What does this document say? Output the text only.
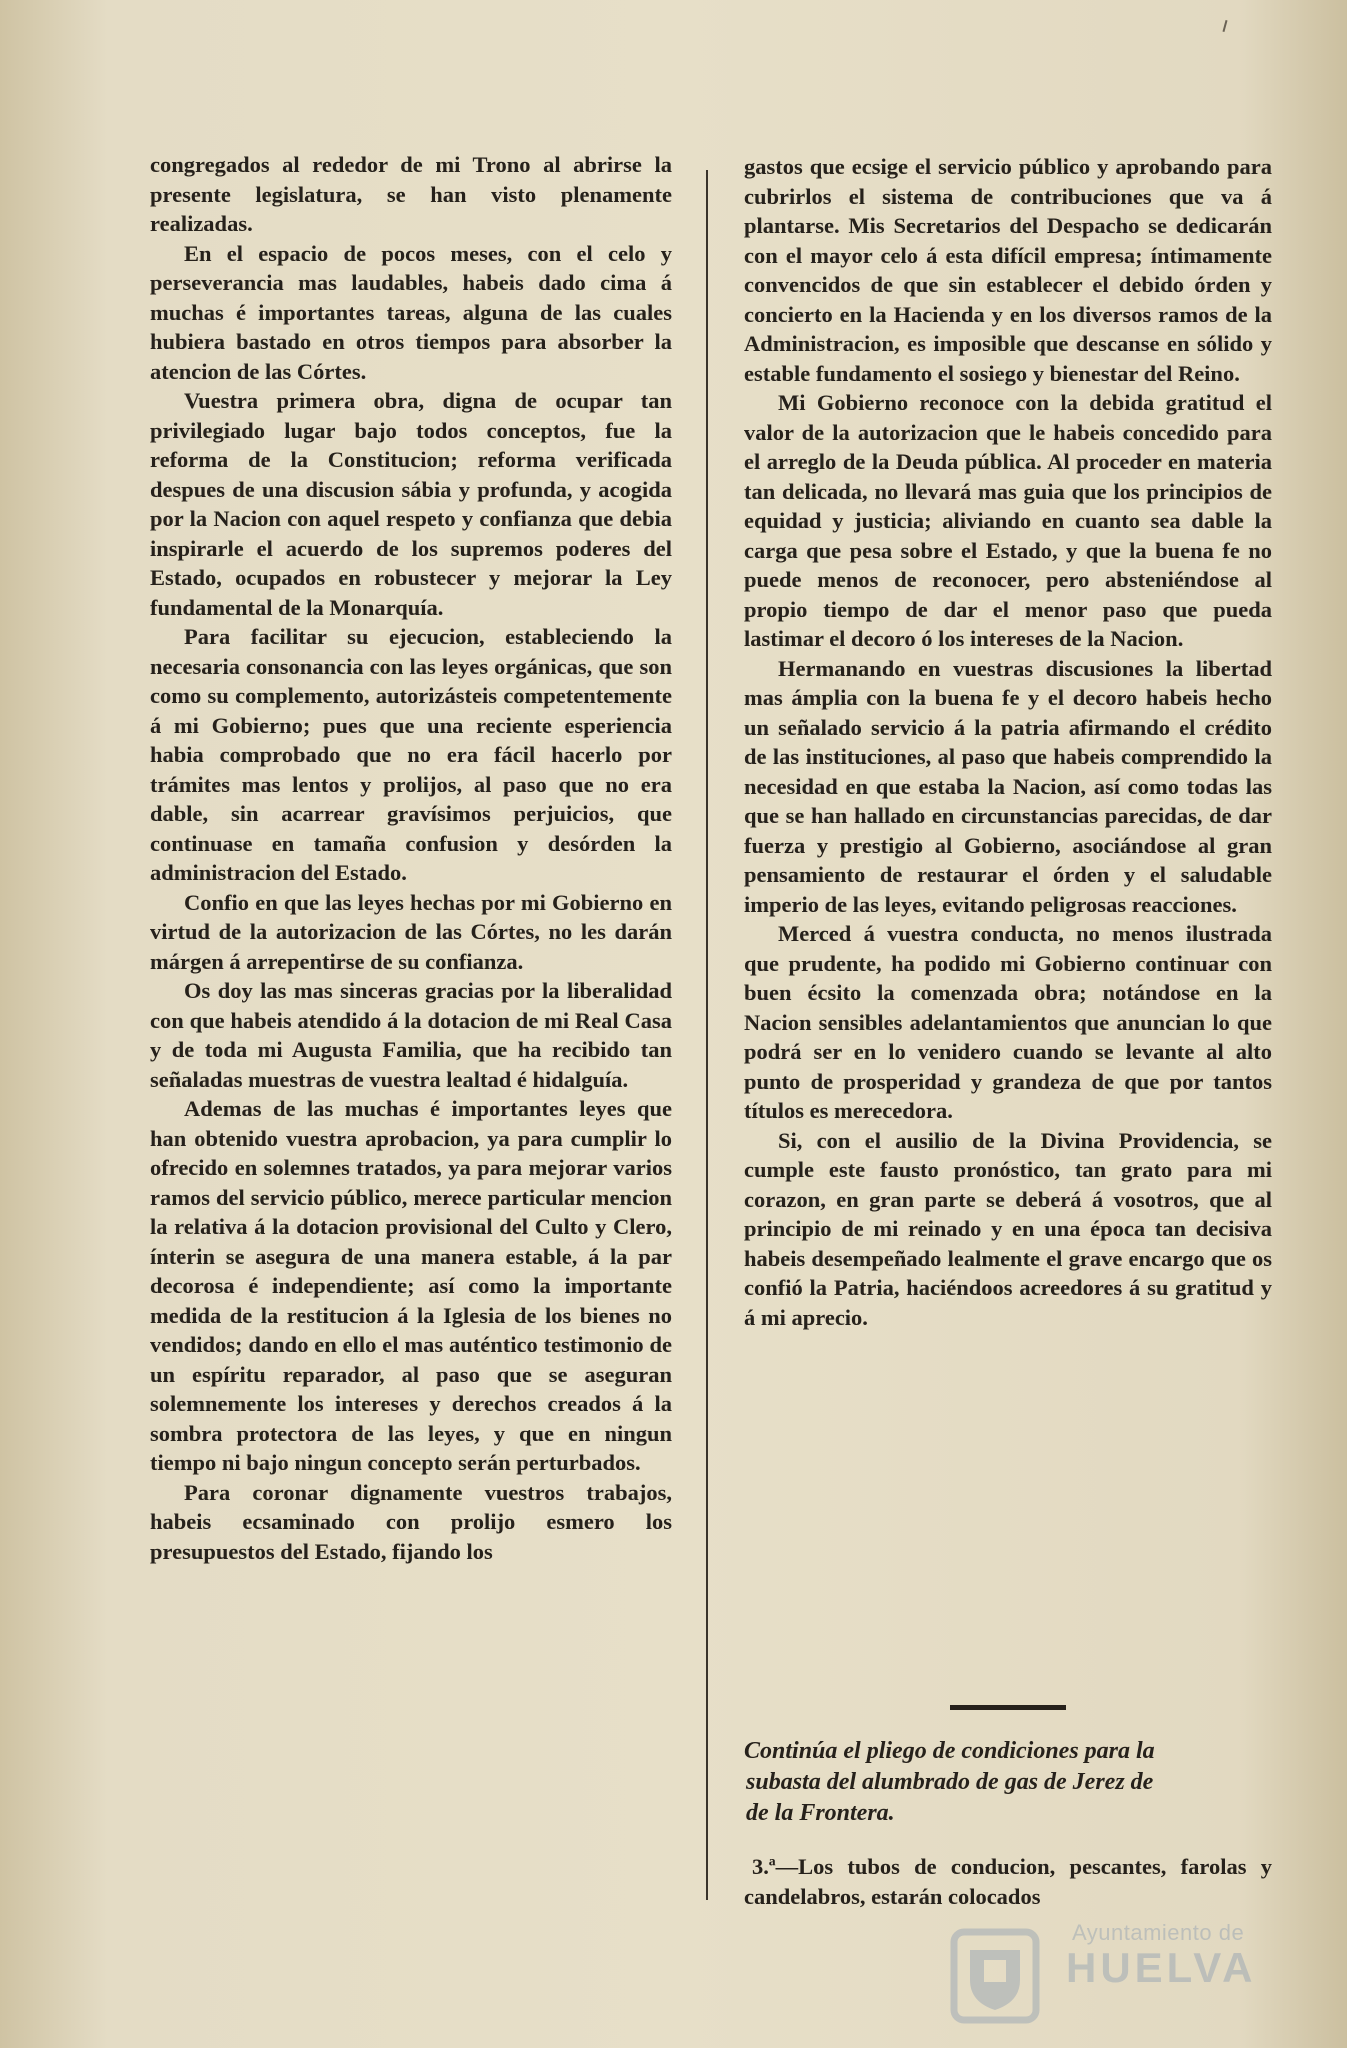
congregados al rededor de mi Trono al abrirse la presente legislatura, se han visto plenamente realizadas.

En el espacio de pocos meses, con el celo y perseverancia mas laudables, habeis dado cima á muchas é importantes tareas, alguna de las cuales hubiera bastado en otros tiempos para absorber la atencion de las Córtes.

Vuestra primera obra, digna de ocupar tan privilegiado lugar bajo todos conceptos, fue la reforma de la Constitucion; reforma verificada despues de una discusion sábia y profunda, y acogida por la Nacion con aquel respeto y confianza que debia inspirarle el acuerdo de los supremos poderes del Estado, ocupados en robustecer y mejorar la Ley fundamental de la Monarquía.

Para facilitar su ejecucion, estableciendo la necesaria consonancia con las leyes orgánicas, que son como su complemento, autorizásteis competentemente á mi Gobierno; pues que una reciente esperiencia habia comprobado que no era fácil hacerlo por trámites mas lentos y prolijos, al paso que no era dable, sin acarrear gravísimos perjuicios, que continuase en tamaña confusion y desórden la administracion del Estado.

Confio en que las leyes hechas por mi Gobierno en virtud de la autorizacion de las Córtes, no les darán márgen á arrepentirse de su confianza.

Os doy las mas sinceras gracias por la liberalidad con que habeis atendido á la dotacion de mi Real Casa y de toda mi Augusta Familia, que ha recibido tan señaladas muestras de vuestra lealtad é hidalguía.

Ademas de las muchas é importantes leyes que han obtenido vuestra aprobacion, ya para cumplir lo ofrecido en solemnes tratados, ya para mejorar varios ramos del servicio público, merece particular mencion la relativa á la dotacion provisional del Culto y Clero, ínterin se asegura de una manera estable, á la par decorosa é independiente; así como la importante medida de la restitucion á la Iglesia de los bienes no vendidos; dando en ello el mas auténtico testimonio de un espíritu reparador, al paso que se aseguran solemnemente los intereses y derechos creados á la sombra protectora de las leyes, y que en ningun tiempo ni bajo ningun concepto serán perturbados.

Para coronar dignamente vuestros trabajos, habeis ecsaminado con prolijo esmero los presupuestos del Estado, fijando los

gastos que ecsige el servicio público y aprobando para cubrirlos el sistema de contribuciones que va á plantarse. Mis Secretarios del Despacho se dedicarán con el mayor celo á esta difícil empresa; íntimamente convencidos de que sin establecer el debido órden y concierto en la Hacienda y en los diversos ramos de la Administracion, es imposible que descanse en sólido y estable fundamento el sosiego y bienestar del Reino.

Mi Gobierno reconoce con la debida gratitud el valor de la autorizacion que le habeis concedido para el arreglo de la Deuda pública. Al proceder en materia tan delicada, no llevará mas guia que los principios de equidad y justicia; aliviando en cuanto sea dable la carga que pesa sobre el Estado, y que la buena fe no puede menos de reconocer, pero absteniéndose al propio tiempo de dar el menor paso que pueda lastimar el decoro ó los intereses de la Nacion.

Hermanando en vuestras discusiones la libertad mas ámplia con la buena fe y el decoro habeis hecho un señalado servicio á la patria afirmando el crédito de las instituciones, al paso que habeis comprendido la necesidad en que estaba la Nacion, así como todas las que se han hallado en circunstancias parecidas, de dar fuerza y prestigio al Gobierno, asociándose al gran pensamiento de restaurar el órden y el saludable imperio de las leyes, evitando peligrosas reacciones.

Merced á vuestra conducta, no menos ilustrada que prudente, ha podido mi Gobierno continuar con buen écsito la comenzada obra; notándose en la Nacion sensibles adelantamientos que anuncian lo que podrá ser en lo venidero cuando se levante al alto punto de prosperidad y grandeza de que por tantos títulos es merecedora.

Si, con el ausilio de la Divina Providencia, se cumple este fausto pronóstico, tan grato para mi corazon, en gran parte se deberá á vosotros, que al principio de mi reinado y en una época tan decisiva habeis desempeñado lealmente el grave encargo que os confió la Patria, haciéndoos acreedores á su gratitud y á mi aprecio.

Continúa el pliego de condiciones para la
subasta del alumbrado de gas de Jerez de
de la Frontera.
3.ª—Los tubos de conducion, pescantes, farolas y candelabros, estarán colocados
Ayuntamiento de
HUELVA
